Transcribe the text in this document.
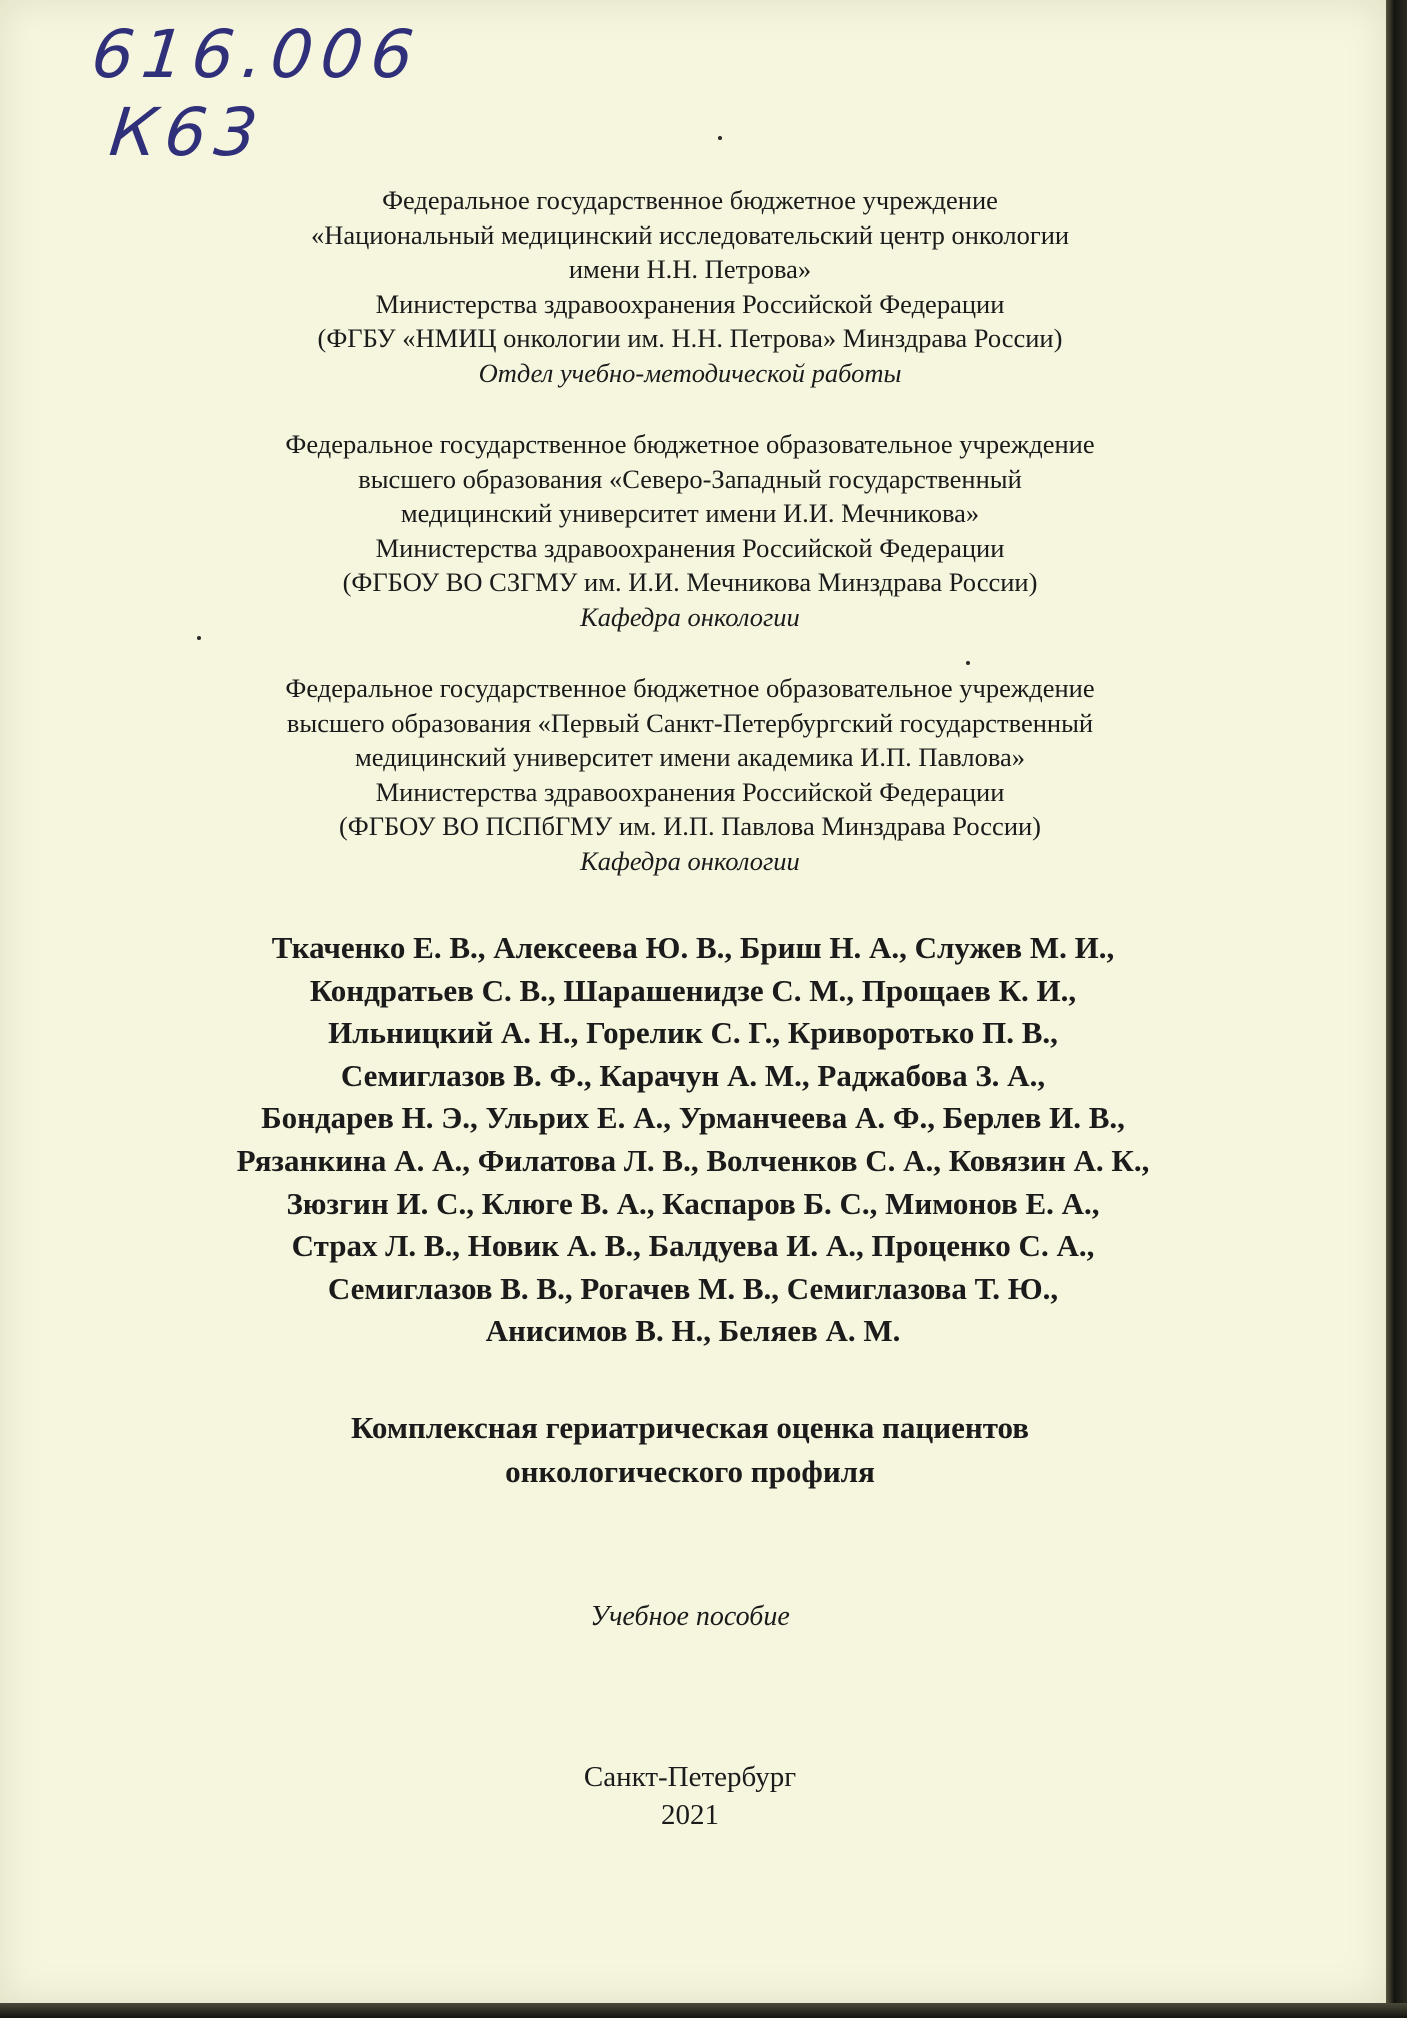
616.006
К63
Федеральное государственное бюджетное учреждение
«Национальный медицинский исследовательский центр онкологии
имени Н.Н. Петрова»
Министерства здравоохранения Российской Федерации
(ФГБУ «НМИЦ онкологии им. Н.Н. Петрова» Минздрава России)
Отдел учебно-методической работы
Федеральное государственное бюджетное образовательное учреждение
высшего образования «Северо-Западный государственный
медицинский университет имени И.И. Мечникова»
Министерства здравоохранения Российской Федерации
(ФГБОУ ВО СЗГМУ им. И.И. Мечникова Минздрава России)
Кафедра онкологии
Федеральное государственное бюджетное образовательное учреждение
высшего образования «Первый Санкт-Петербургский государственный
медицинский университет имени академика И.П. Павлова»
Министерства здравоохранения Российской Федерации
(ФГБОУ ВО ПСПбГМУ им. И.П. Павлова Минздрава России)
Кафедра онкологии
Ткаченко Е. В., Алексеева Ю. В., Бриш Н. А., Служев М. И.,
Кондратьев С. В., Шарашенидзе С. М., Прощаев К. И.,
Ильницкий А. Н., Горелик С. Г., Криворотько П. В.,
Семиглазов В. Ф., Карачун А. М., Раджабова З. А.,
Бондарев Н. Э., Ульрих Е. А., Урманчеева А. Ф., Берлев И. В.,
Рязанкина А. А., Филатова Л. В., Волченков С. А., Ковязин А. К.,
Зюзгин И. С., Клюге В. А., Каспаров Б. С., Мимонов Е. А.,
Страх Л. В., Новик А. В., Балдуева И. А., Проценко С. А.,
Семиглазов В. В., Рогачев М. В., Семиглазова Т. Ю.,
Анисимов В. Н., Беляев А. М.
Комплексная гериатрическая оценка пациентов
онкологического профиля
Учебное пособие
Санкт-Петербург
2021
